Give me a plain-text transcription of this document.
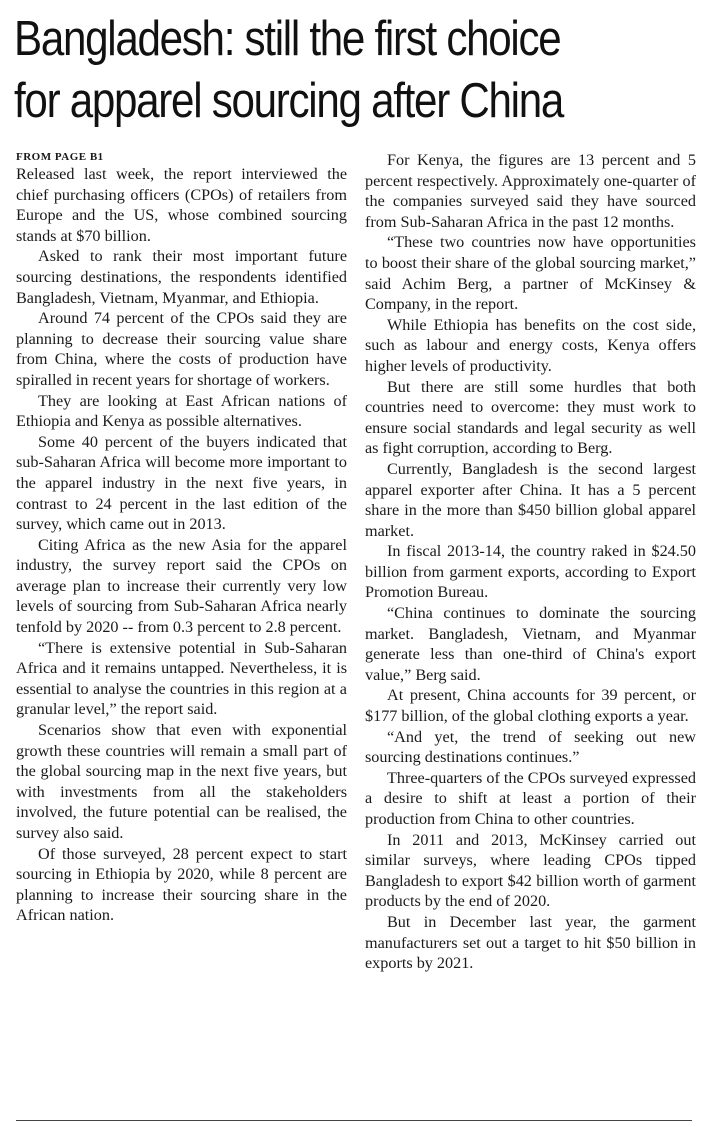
Bangladesh: still the first choice
for apparel sourcing after China
FROM PAGE B1

Released last week, the report interviewed the chief purchasing officers (CPOs) of retailers from Europe and the US, whose combined sourcing stands at $70 billion.

Asked to rank their most important future sourcing destinations, the respondents identified Bangladesh, Vietnam, Myanmar, and Ethiopia.

Around 74 percent of the CPOs said they are planning to decrease their sourcing value share from China, where the costs of production have spiralled in recent years for shortage of workers.

They are looking at East African nations of Ethiopia and Kenya as possible alternatives.

Some 40 percent of the buyers indicated that sub-Saharan Africa will become more important to the apparel industry in the next five years, in contrast to 24 percent in the last edition of the survey, which came out in 2013.

Citing Africa as the new Asia for the apparel industry, the survey report said the CPOs on average plan to increase their currently very low levels of sourcing from Sub-Saharan Africa nearly tenfold by 2020 -- from 0.3 percent to 2.8 percent.

“There is extensive potential in Sub-Saharan Africa and it remains untapped. Nevertheless, it is essential to analyse the countries in this region at a granular level,” the report said.

Scenarios show that even with exponential growth these countries will remain a small part of the global sourcing map in the next five years, but with investments from all the stakeholders involved, the future potential can be realised, the survey also said.

Of those surveyed, 28 percent expect to start sourcing in Ethiopia by 2020, while 8 percent are planning to increase their sourcing share in the African nation.

For Kenya, the figures are 13 percent and 5 percent respectively. Approximately one-quarter of the companies surveyed said they have sourced from Sub-Saharan Africa in the past 12 months.

“These two countries now have opportunities to boost their share of the global sourcing market,” said Achim Berg, a partner of McKinsey & Company, in the report.

While Ethiopia has benefits on the cost side, such as labour and energy costs, Kenya offers higher levels of productivity.

But there are still some hurdles that both countries need to overcome: they must work to ensure social standards and legal security as well as fight corruption, according to Berg.

Currently, Bangladesh is the second largest apparel exporter after China. It has a 5 percent share in the more than $450 billion global apparel market.

In fiscal 2013-14, the country raked in $24.50 billion from garment exports, according to Export Promotion Bureau.

“China continues to dominate the sourcing market. Bangladesh, Vietnam, and Myanmar generate less than one-third of China's export value,” Berg said.

At present, China accounts for 39 percent, or $177 billion, of the global clothing exports a year.

“And yet, the trend of seeking out new sourcing destinations continues.”

Three-quarters of the CPOs surveyed expressed a desire to shift at least a portion of their production from China to other countries.

In 2011 and 2013, McKinsey carried out similar surveys, where leading CPOs tipped Bangladesh to export $42 billion worth of garment products by the end of 2020.

But in December last year, the garment manufacturers set out a target to hit $50 billion in exports by 2021.
